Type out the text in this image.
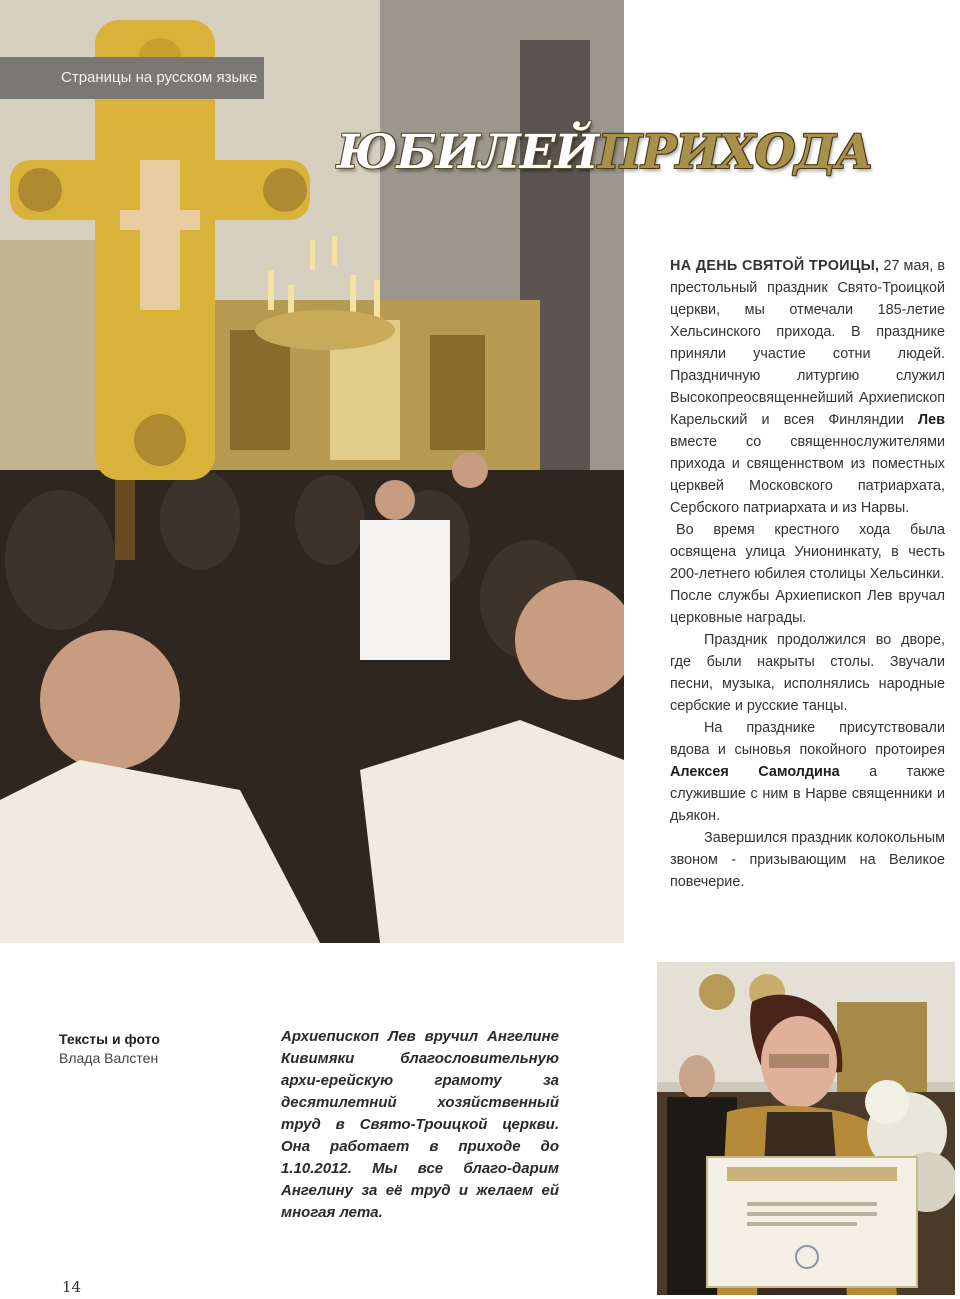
Страницы на русском языке
ЮБИЛЕЙПРИХОДА

НА ДЕНЬ СВЯТОЙ ТРОИЦЫ, 27 мая, в престольный праздник Свято-Троицкой церкви, мы отмечали 185-летие Хельсинского прихода. В празднике приняли участие сотни людей. Праздничную литургию служил Высокопреосвященнейший Архиепископ Карельский и всея Финляндии Лев вместе со священнослужителями прихода и священнством из поместных церквей Московского патриархата, Сербского патриархата и из Нарвы.

Во время крестного хода была освящена улица Унионинкату, в честь 200-летнего юбилея столицы Хельсинки.

После службы Архиепископ Лев вручал церковные награды.

Праздник продолжился во дворе, где были накрыты столы. Звучали песни, музыка, исполнялись народные сербские и русские танцы.

На празднике присутствовали вдова и сыновья покойного протоирея Алексея Самолдина а также служившие с ним в Нарве священники и дьякон.

Завершился праздник колокольным звоном - призывающим на Великое повечерие.

Тексты и фото
Влада Валстен
Архиепископ Лев вручил Ангелине Кивимяки благословительную архи-ерейскую грамоту за десятилетний хозяйственный труд в Свято-Троицкой церкви. Она работает в приходе до 1.10.2012. Мы все благо-дарим Ангелину за её труд и желаем ей многая лета.
14
